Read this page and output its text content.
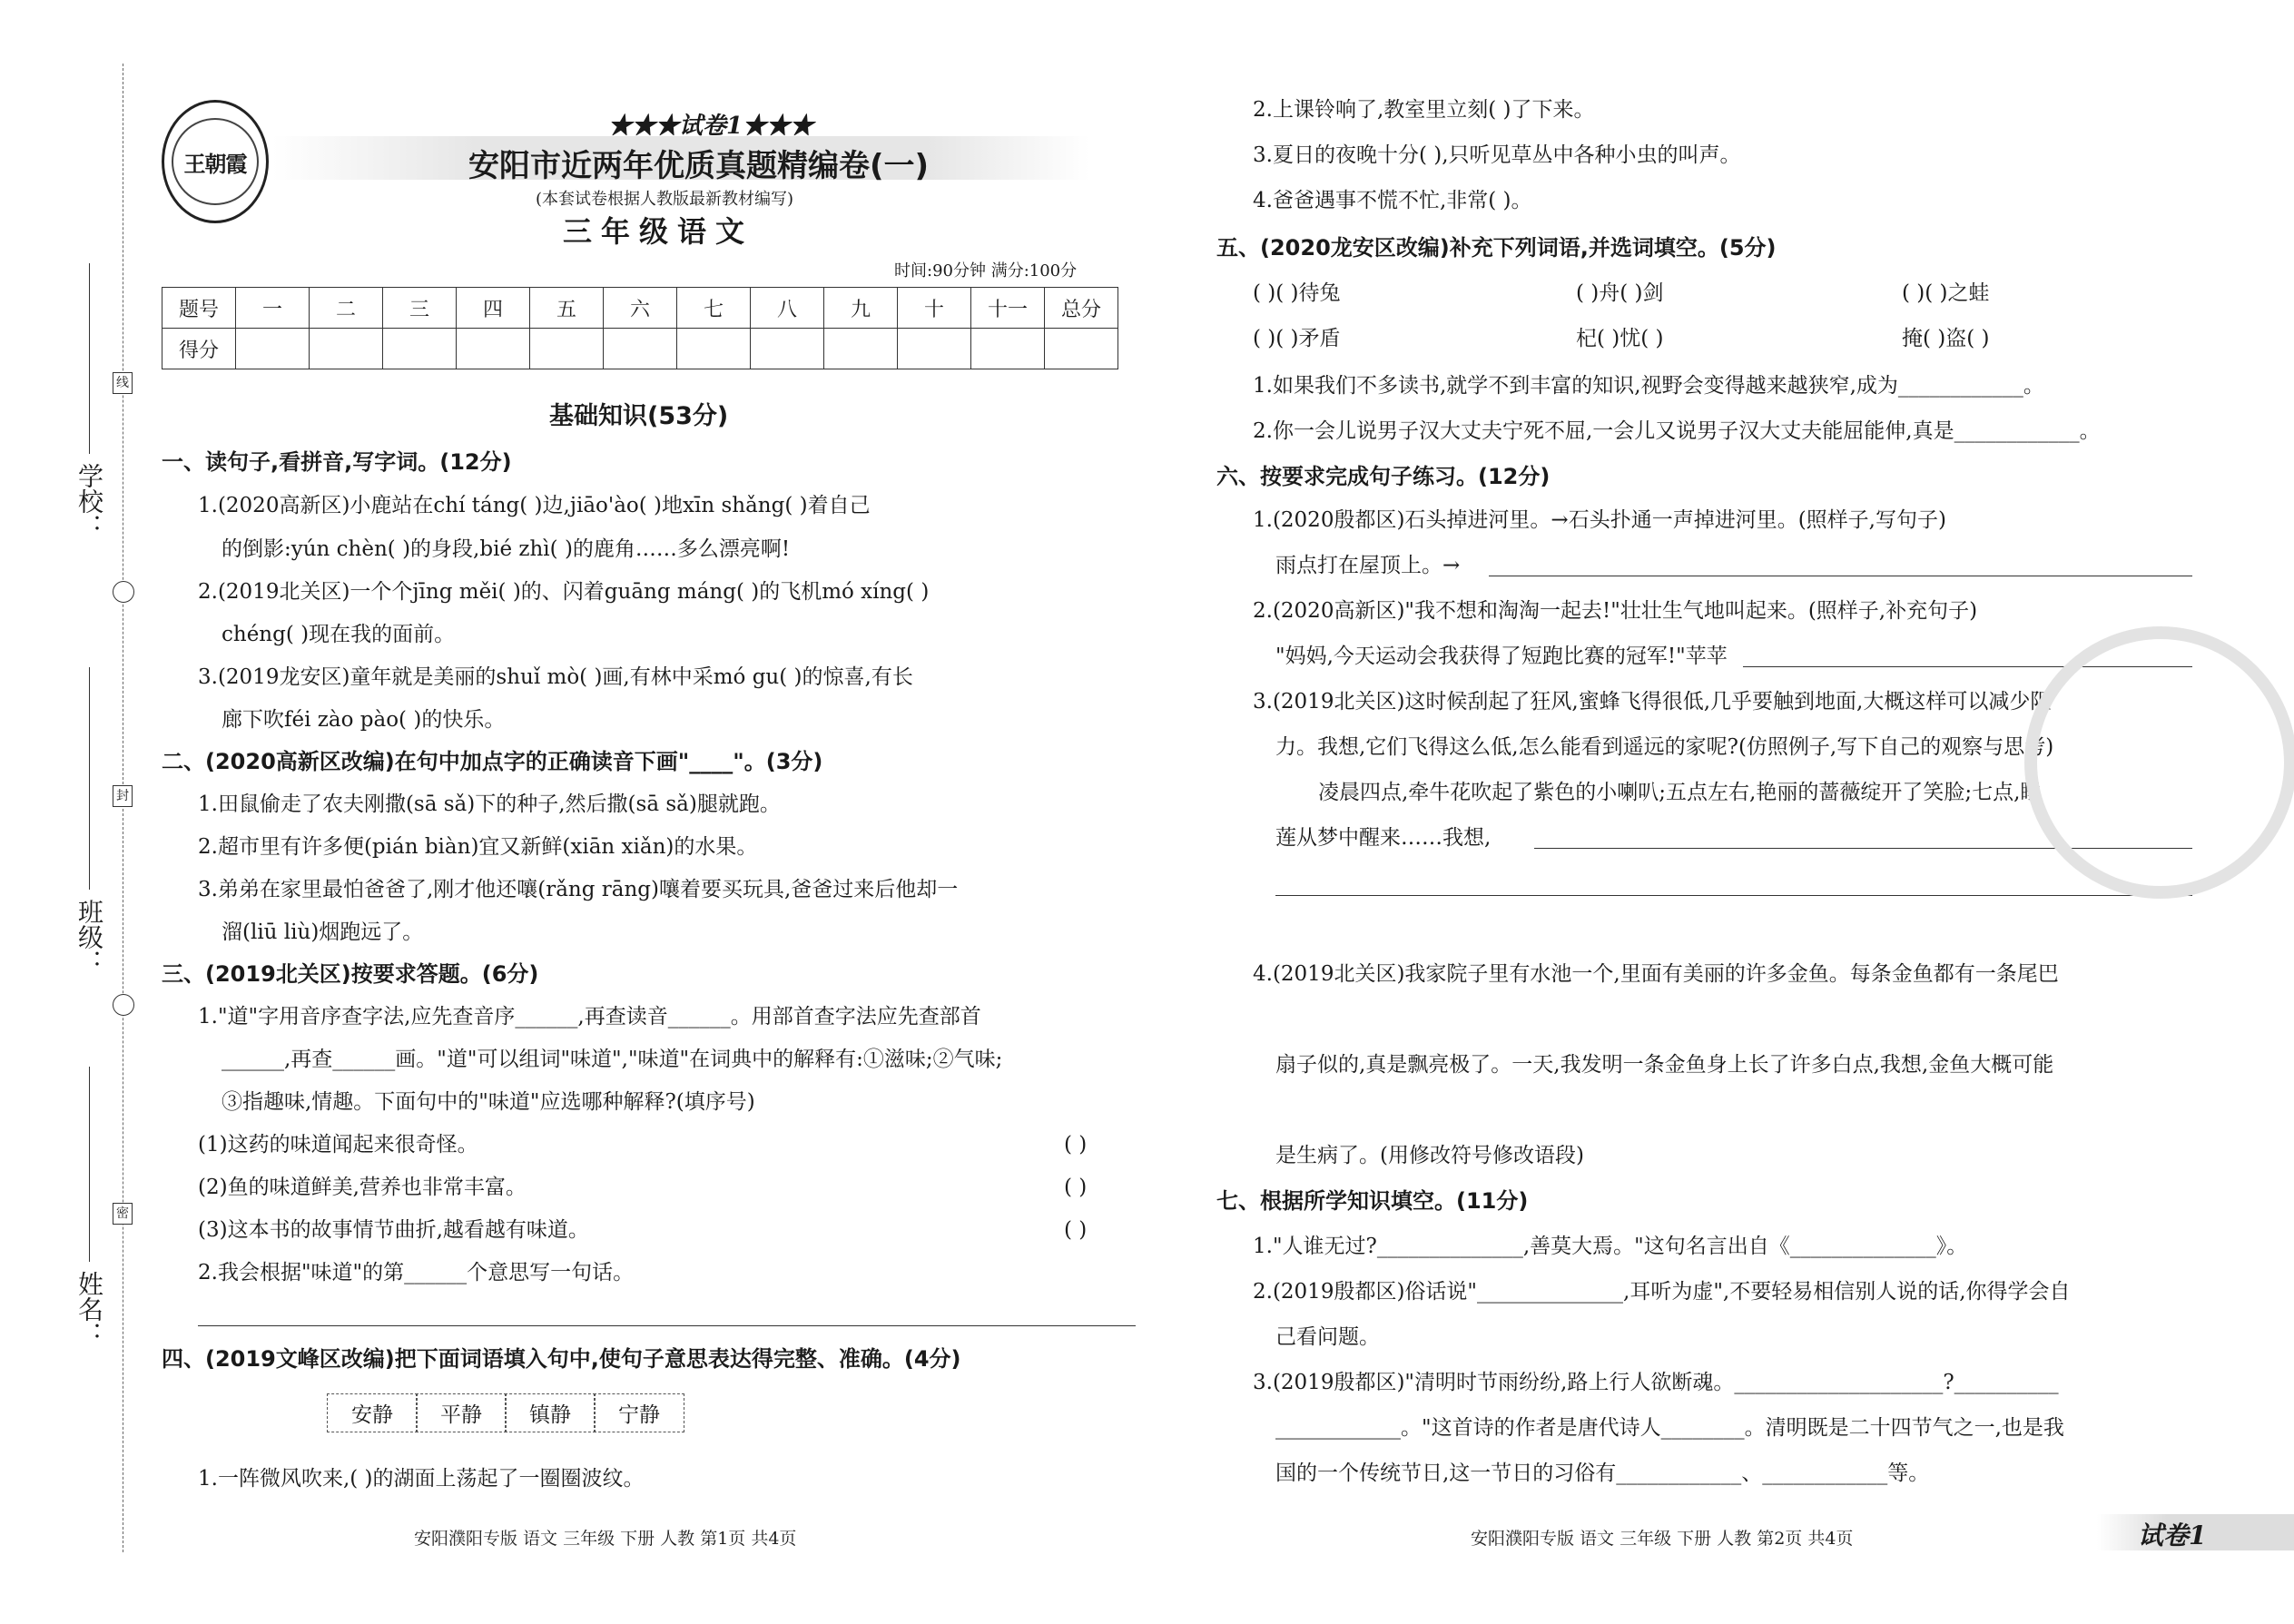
线
封
密
学校：
班级：
姓名：
王朝霞
★★★试卷1★★★
安阳市近两年优质真题精编卷(一)
(本套试卷根据人教版最新教材编写)
三年级语文
时间:90分钟 满分:100分
题号	一	二	三	四	五	六	七	八	九	十	十一	总分
得分												
基础知识(53分)
一、读句子,看拼音,写字词。(12分)
1.(2020高新区)小鹿站在chí táng( )边,jiāo'ào( )地xīn shǎng( )着自己
的倒影:yún chèn( )的身段,bié zhì( )的鹿角……多么漂亮啊!
2.(2019北关区)一个个jīng měi( )的、闪着guāng máng( )的飞机mó xíng( )
chéng( )现在我的面前。
3.(2019龙安区)童年就是美丽的shuǐ mò( )画,有林中采mó gu( )的惊喜,有长
廊下吹féi zào pào( )的快乐。
二、(2020高新区改编)在句中加点字的正确读音下画"____"。(3分)
1.田鼠偷走了农夫刚撒(sā sǎ)下的种子,然后撒(sā sǎ)腿就跑。
2.超市里有许多便(pián biàn)宜又新鲜(xiān xiǎn)的水果。
3.弟弟在家里最怕爸爸了,刚才他还嚷(rǎng rāng)嚷着要买玩具,爸爸过来后他却一
溜(liū liù)烟跑远了。
三、(2019北关区)按要求答题。(6分)
1."道"字用音序查字法,应先查音序______,再查读音______。用部首查字法应先查部首
______,再查______画。"道"可以组词"味道","味道"在词典中的解释有:①滋味;②气味;
③指趣味,情趣。下面句中的"味道"应选哪种解释?(填序号)
(1)这药的味道闻起来很奇怪。	( )
(2)鱼的味道鲜美,营养也非常丰富。	( )
(3)这本书的故事情节曲折,越看越有味道。	( )
2.我会根据"味道"的第______个意思写一句话。
四、(2019文峰区改编)把下面词语填入句中,使句子意思表达得完整、准确。(4分)
安静 平静 镇静 宁静
1.一阵微风吹来,( )的湖面上荡起了一圈圈波纹。
安阳濮阳专版 语文 三年级 下册 人教 第1页 共4页
2.上课铃响了,教室里立刻( )了下来。
3.夏日的夜晚十分( ),只听见草丛中各种小虫的叫声。
4.爸爸遇事不慌不忙,非常( )。
五、(2020龙安区改编)补充下列词语,并选词填空。(5分)
( )( )待兔	( )舟( )剑	( )( )之蛙
( )( )矛盾	杞( )忧( )	掩( )盗( )
1.如果我们不多读书,就学不到丰富的知识,视野会变得越来越狭窄,成为____________。
2.你一会儿说男子汉大丈夫宁死不屈,一会儿又说男子汉大丈夫能屈能伸,真是____________。
六、按要求完成句子练习。(12分)
1.(2020殷都区)石头掉进河里。→石头扑通一声掉进河里。(照样子,写句子)
雨点打在屋顶上。→
2.(2020高新区)"我不想和淘淘一起去!"壮壮生气地叫起来。(照样子,补充句子)
"妈妈,今天运动会我获得了短跑比赛的冠军!"苹苹
3.(2019北关区)这时候刮起了狂风,蜜蜂飞得很低,几乎要触到地面,大概这样可以减少阻
力。我想,它们飞得这么低,怎么能看到遥远的家呢?(仿照例子,写下自己的观察与思考)
凌晨四点,牵牛花吹起了紫色的小喇叭;五点左右,艳丽的蔷薇绽开了笑脸;七点,睡
莲从梦中醒来……我想,
4.(2019北关区)我家院子里有水池一个,里面有美丽的许多金鱼。每条金鱼都有一条尾巴
扇子似的,真是飘亮极了。一天,我发明一条金鱼身上长了许多白点,我想,金鱼大概可能
是生病了。(用修改符号修改语段)
七、根据所学知识填空。(11分)
1."人谁无过?______________,善莫大焉。"这句名言出自《______________》。
2.(2019殷都区)俗话说"______________,耳听为虚",不要轻易相信别人说的话,你得学会自
己看问题。
3.(2019殷都区)"清明时节雨纷纷,路上行人欲断魂。____________________?__________
____________。"这首诗的作者是唐代诗人________。清明既是二十四节气之一,也是我
国的一个传统节日,这一节日的习俗有____________、____________等。
安阳濮阳专版 语文 三年级 下册 人教 第2页 共4页	试卷1
